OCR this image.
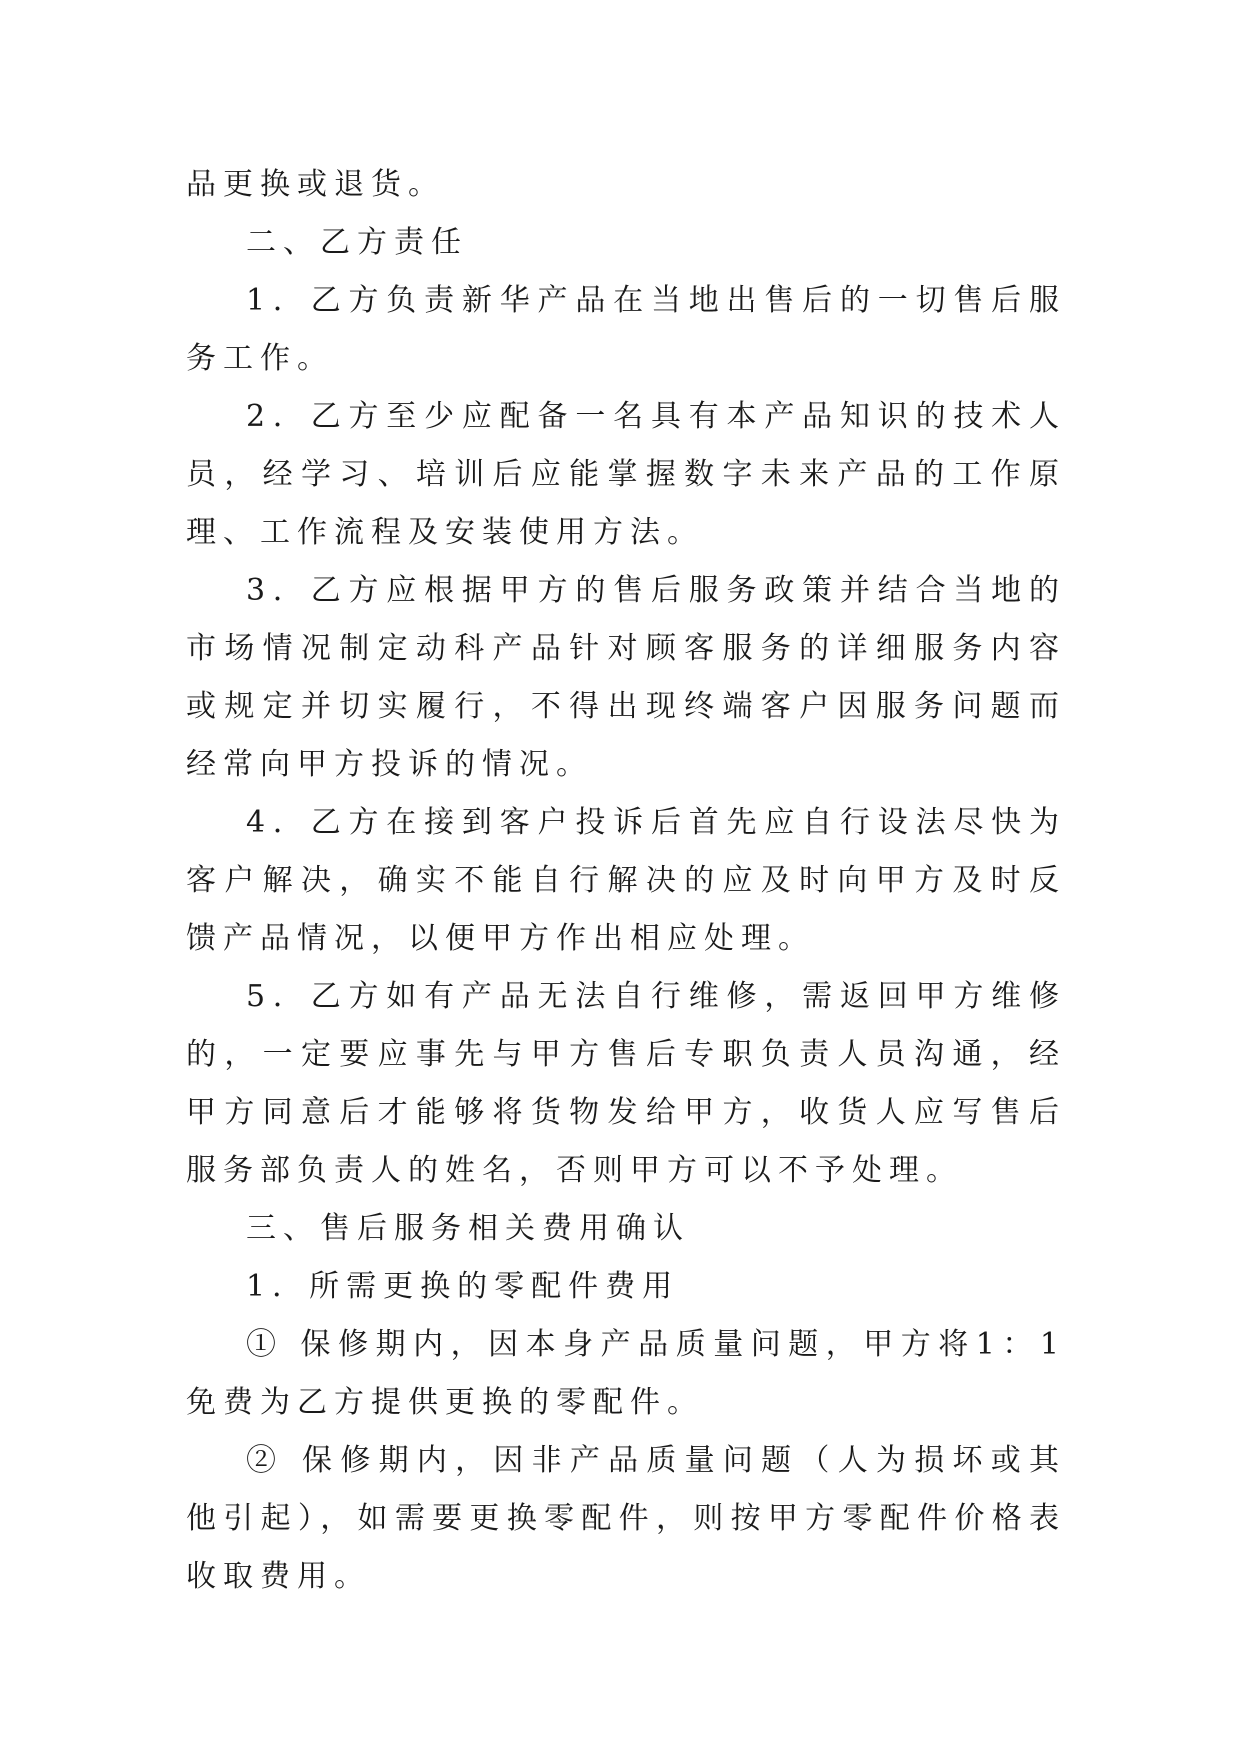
品更换或退货。

二、乙方责任

1．乙方负责新华产品在当地出售后的一切售后服务工作。

2．乙方至少应配备一名具有本产品知识的技术人员，经学习、培训后应能掌握数字未来产品的工作原理、工作流程及安装使用方法。

3．乙方应根据甲方的售后服务政策并结合当地的市场情况制定动科产品针对顾客服务的详细服务内容或规定并切实履行，不得出现终端客户因服务问题而经常向甲方投诉的情况。

4．乙方在接到客户投诉后首先应自行设法尽快为客户解决，确实不能自行解决的应及时向甲方及时反馈产品情况，以便甲方作出相应处理。

5．乙方如有产品无法自行维修，需返回甲方维修的，一定要应事先与甲方售后专职负责人员沟通，经甲方同意后才能够将货物发给甲方，收货人应写售后服务部负责人的姓名，否则甲方可以不予处理。

三、售后服务相关费用确认

1．所需更换的零配件费用

① 保修期内，因本身产品质量问题，甲方将1：1免费为乙方提供更换的零配件。

② 保修期内，因非产品质量问题（人为损坏或其他引起），如需要更换零配件，则按甲方零配件价格表收取费用。
